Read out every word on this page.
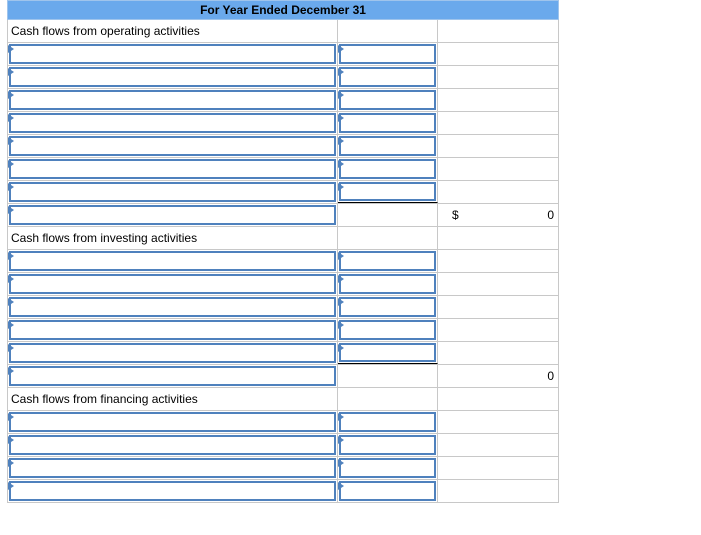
For Year Ended December 31
Cash flows from operating activities
$	0
Cash flows from investing activities
0
Cash flows from financing activities
